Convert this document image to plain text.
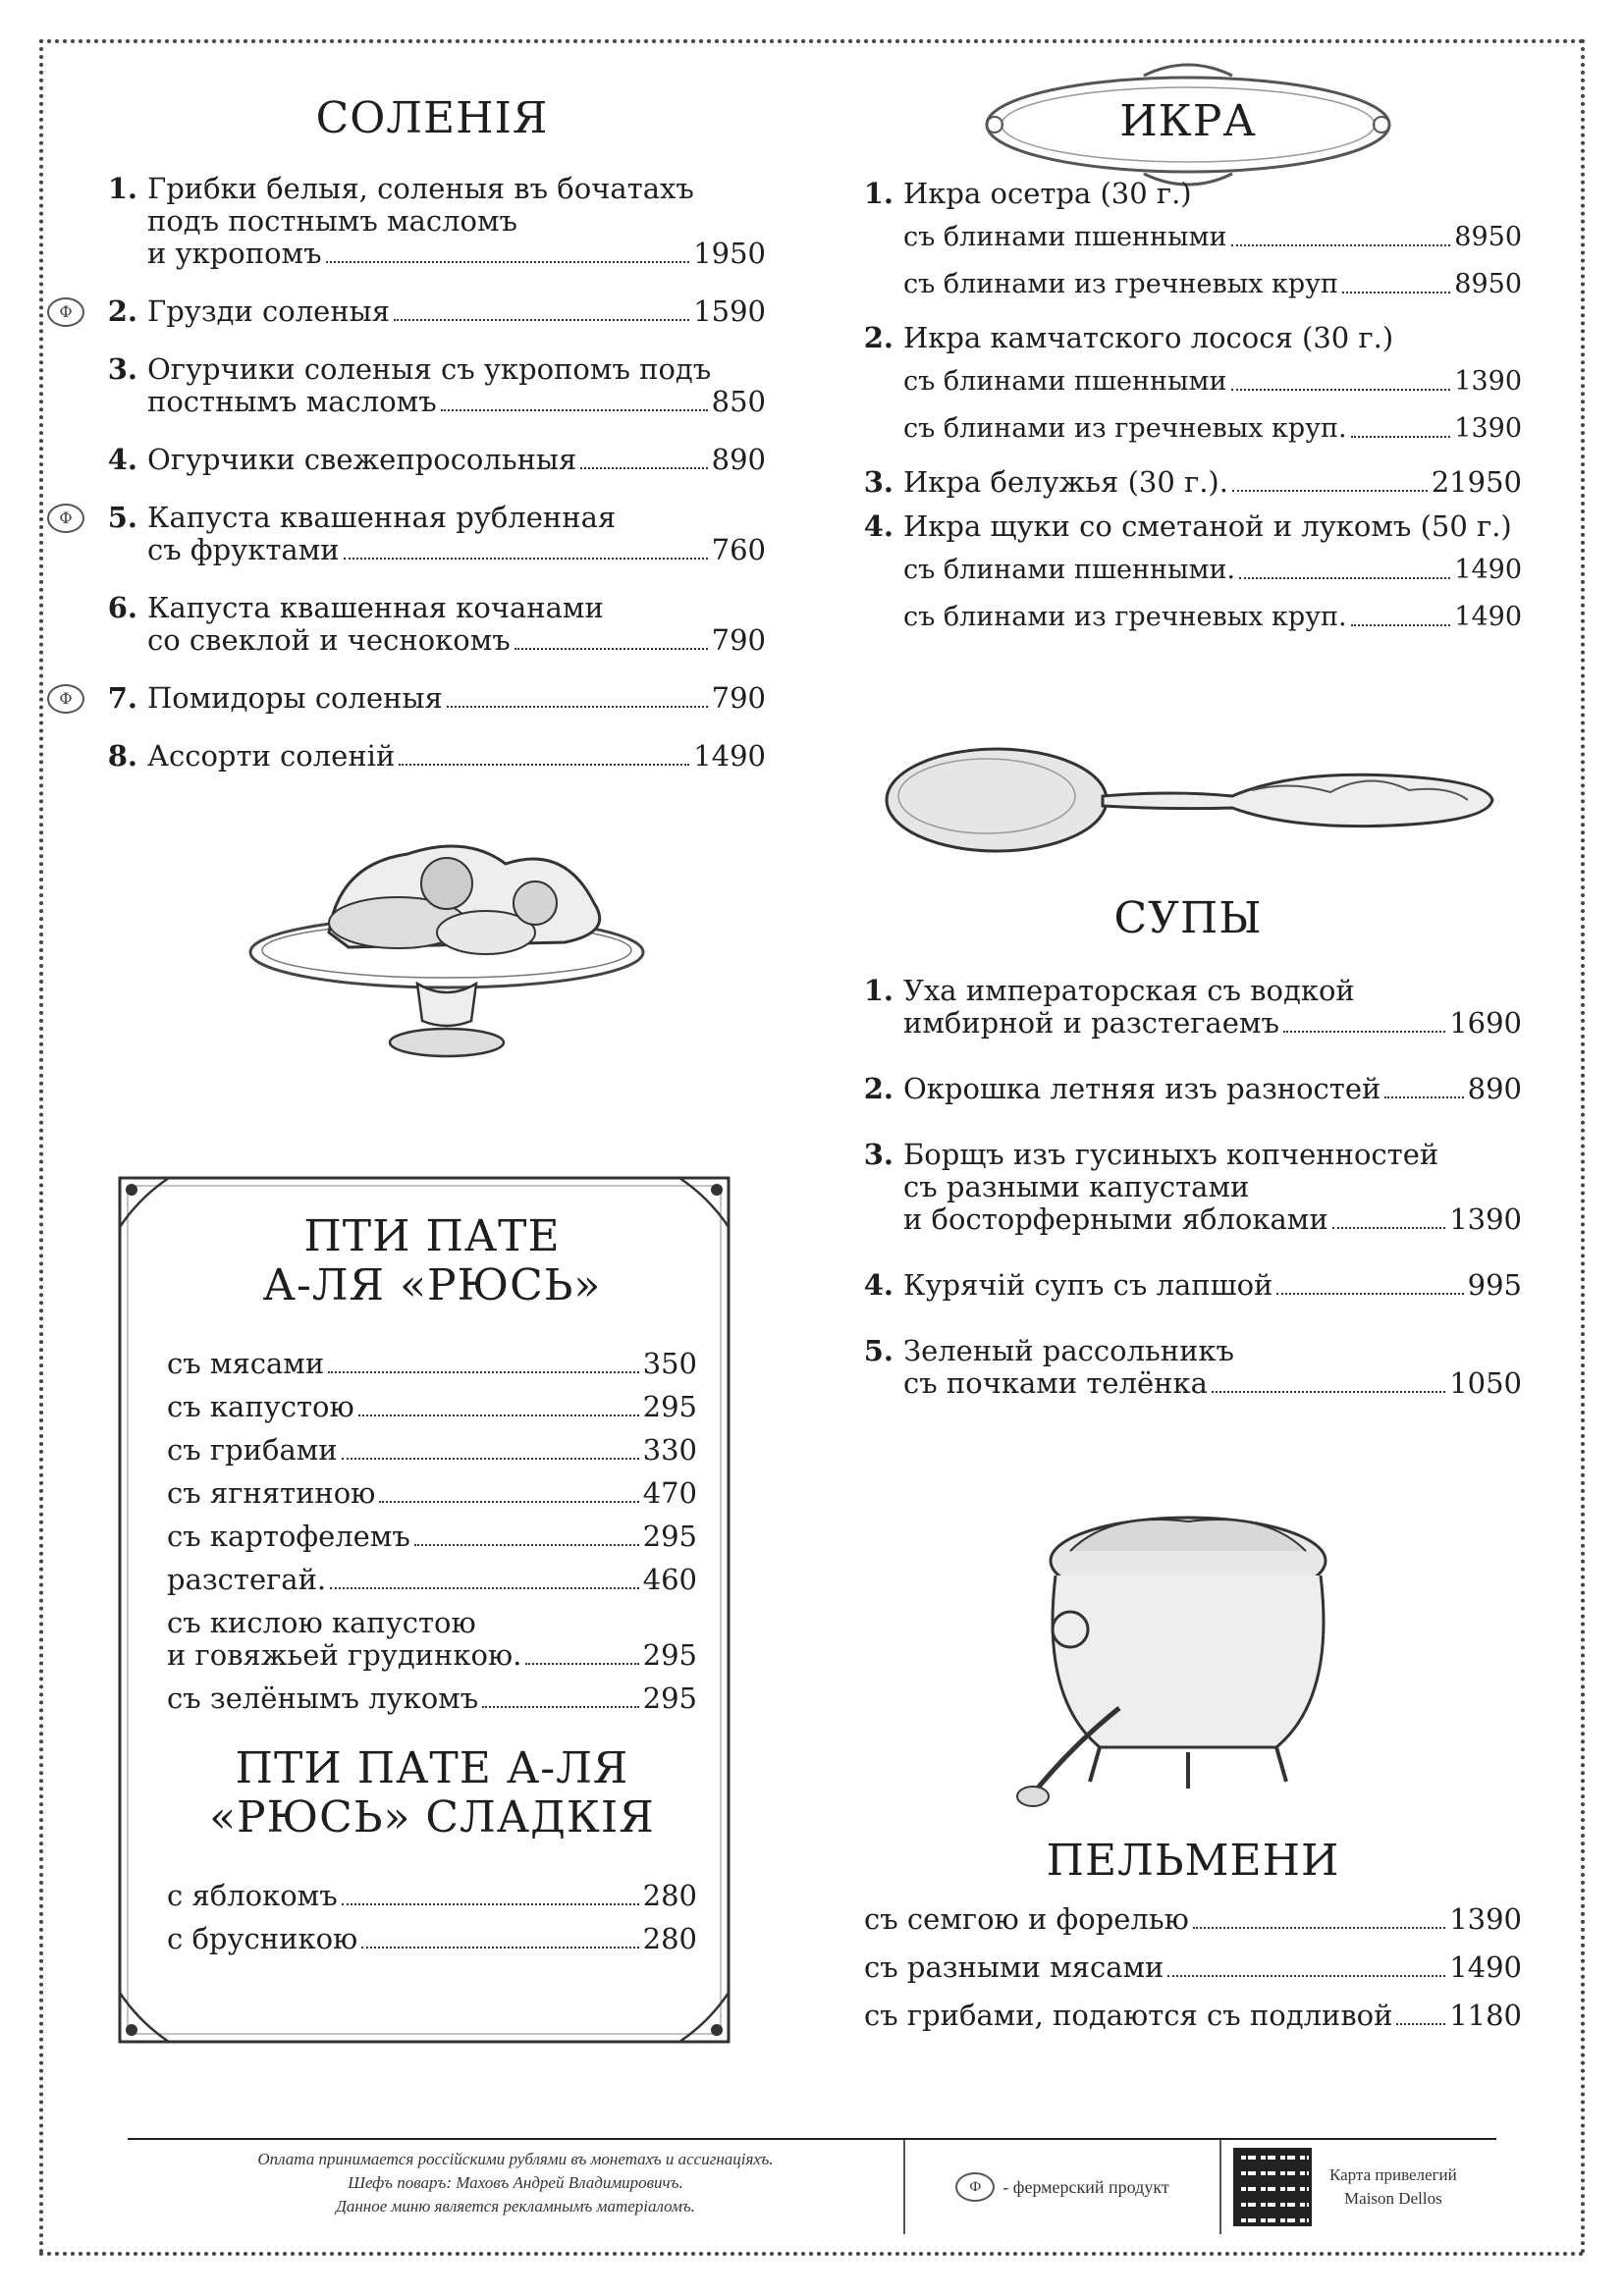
СОЛЕНIЯ
1. Грибки белыя, соленыя въ бочатахъ
подъ постнымъ масломъ
и укропомъ	1950
Ф	2. Грузди соленыя	1590
3. Огурчики соленыя съ укропомъ подъ
постнымъ масломъ	850
4. Огурчики свежепросольныя	890
Ф	5. Капуста квашенная рубленная
съ фруктами	760
6. Капуста квашенная кочанами
со свеклой и чеснокомъ	790
Ф	7. Помидоры соленыя	790
8. Ассорти соленiй	1490
ПТИ ПАТЕ
А-ЛЯ «РЮСЬ»
съ мясами	350
съ капустою	295
съ грибами	330
съ ягнятиною	470
съ картофелемъ	295
разстегай.	460
съ кислою капустою
и говяжьей грудинкою.	295
съ зелёнымъ лукомъ	295
ПТИ ПАТЕ А-ЛЯ
«РЮСЬ» СЛАДКIЯ
с яблокомъ	280
с брусникою	280
ИКРА
1. Икра осетра (30 г.)
съ блинами пшенными	8950
съ блинами из гречневых круп	8950
2. Икра камчатского лосося (30 г.)
съ блинами пшенными	1390
съ блинами из гречневых круп.	1390
3. Икра белужья (30 г.).	21950
4. Икра щуки со сметаной и лукомъ (50 г.)
съ блинами пшенными.	1490
съ блинами из гречневых круп.	1490
СУПЫ
1. Уха императорская съ водкой
имбирной и разстегаемъ	1690
2. Окрошка летняя изъ разностей	890
3. Борщъ изъ гусиныхъ копченностей
съ разными капустами
и босторферными яблоками	1390
4. Курячiй супъ съ лапшой	995
5. Зеленый рассольникъ
съ почками телёнка	1050
ПЕЛЬМЕНИ
съ семгою и форелью	1390
съ разными мясами	1490
съ грибами, подаются съ подливой 1180
Оплата принимается россiйскими рублями въ монетахъ и ассигнацiяхъ.
Шефъ поваръ: Маховъ Андрей Владимировичъ.
Данное миню является рекламнымъ матерiаломъ.
Ф	- фермерский продукт
Карта привелегий
Maison Dellos
